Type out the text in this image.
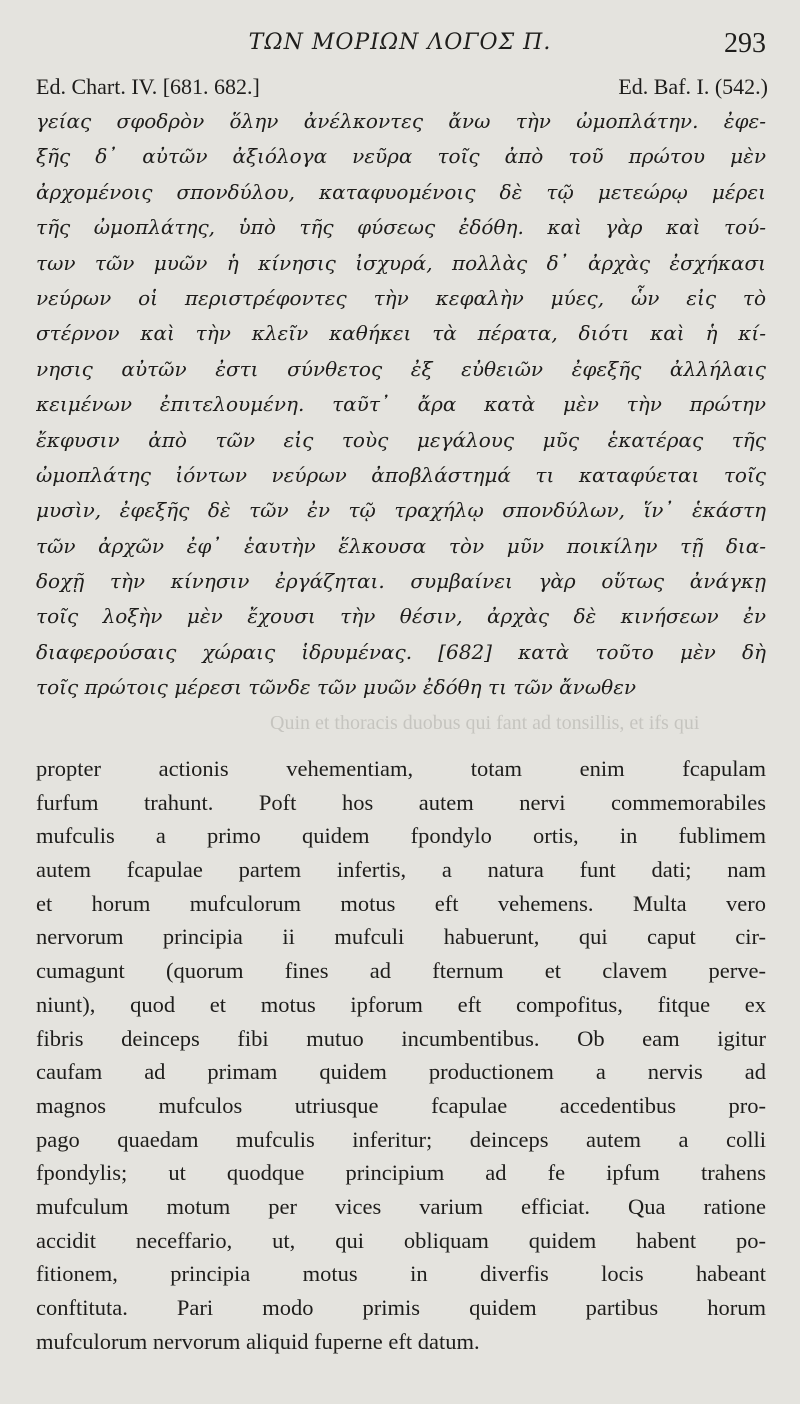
ΤΩΝ ΜΟΡΙΩΝ ΛΟΓΟΣ Π.	293
Ed. Chart. IV. [681. 682.]	Ed. Baf. I. (542.)
γείας σφοδρὸν ὅλην ἀνέλκοντες ἄνω τὴν ὠμοπλάτην. ἐφε-
ξῆς δ᾽ αὐτῶν ἀξιόλογα νεῦρα τοῖς ἀπὸ τοῦ πρώτου μὲν
ἀρχομένοις σπονδύλου, καταφυομένοις δὲ τῷ μετεώρῳ μέρει
τῆς ὠμοπλάτης, ὑπὸ τῆς φύσεως ἐδόθη. καὶ γὰρ καὶ τού-
των τῶν μυῶν ἡ κίνησις ἰσχυρά, πολλὰς δ᾽ ἀρχὰς ἐσχήκασι
νεύρων οἱ περιστρέφοντες τὴν κεφαλὴν μύες, ὧν εἰς τὸ
στέρνον καὶ τὴν κλεῖν καθήκει τὰ πέρατα, διότι καὶ ἡ κί-
νησις αὐτῶν ἐστι σύνθετος ἐξ εὐθειῶν ἐφεξῆς ἀλλήλαις
κειμένων ἐπιτελουμένη. ταῦτ᾽ ἄρα κατὰ μὲν τὴν πρώτην
ἔκφυσιν ἀπὸ τῶν εἰς τοὺς μεγάλους μῦς ἑκατέρας τῆς
ὠμοπλάτης ἰόντων νεύρων ἀποβλάστημά τι καταφύεται τοῖς
μυσὶν, ἐφεξῆς δὲ τῶν ἐν τῷ τραχήλῳ σπονδύλων, ἵν᾽ ἑκάστη
τῶν ἀρχῶν ἐφ᾽ ἑαυτὴν ἕλκουσα τὸν μῦν ποικίλην τῇ δια-
δοχῇ τὴν κίνησιν ἐργάζηται. συμβαίνει γὰρ οὕτως ἀνάγκῃ
τοῖς λοξὴν μὲν ἔχουσι τὴν θέσιν, ἀρχὰς δὲ κινήσεων ἐν
διαφερούσαις χώραις ἱδρυμένας. [682] κατὰ τοῦτο μὲν δὴ
τοῖς πρώτοις μέρεσι τῶνδε τῶν μυῶν ἐδόθη τι τῶν ἄνωθεν
Quin et thoracis duobus qui fant ad tonsillis, et ifs qui
propter actionis vehementiam, totam enim fcapulam
furfum trahunt. Poft hos autem nervi commemorabiles
mufculis a primo quidem fpondylo ortis, in fublimem
autem fcapulae partem infertis, a natura funt dati; nam
et horum mufculorum motus eft vehemens. Multa vero
nervorum principia ii mufculi habuerunt, qui caput cir-
cumagunt (quorum fines ad fternum et clavem perve-
niunt), quod et motus ipforum eft compofitus, fitque ex
fibris deinceps fibi mutuo incumbentibus. Ob eam igitur
caufam ad primam quidem productionem a nervis ad
magnos mufculos utriusque fcapulae accedentibus pro-
pago quaedam mufculis inferitur; deinceps autem a colli
fpondylis; ut quodque principium ad fe ipfum trahens
mufculum motum per vices varium efficiat. Qua ratione
accidit neceffario, ut, qui obliquam quidem habent po-
fitionem, principia motus in diverfis locis habeant
conftituta. Pari modo primis quidem partibus horum
mufculorum nervorum aliquid fuperne eft datum.
